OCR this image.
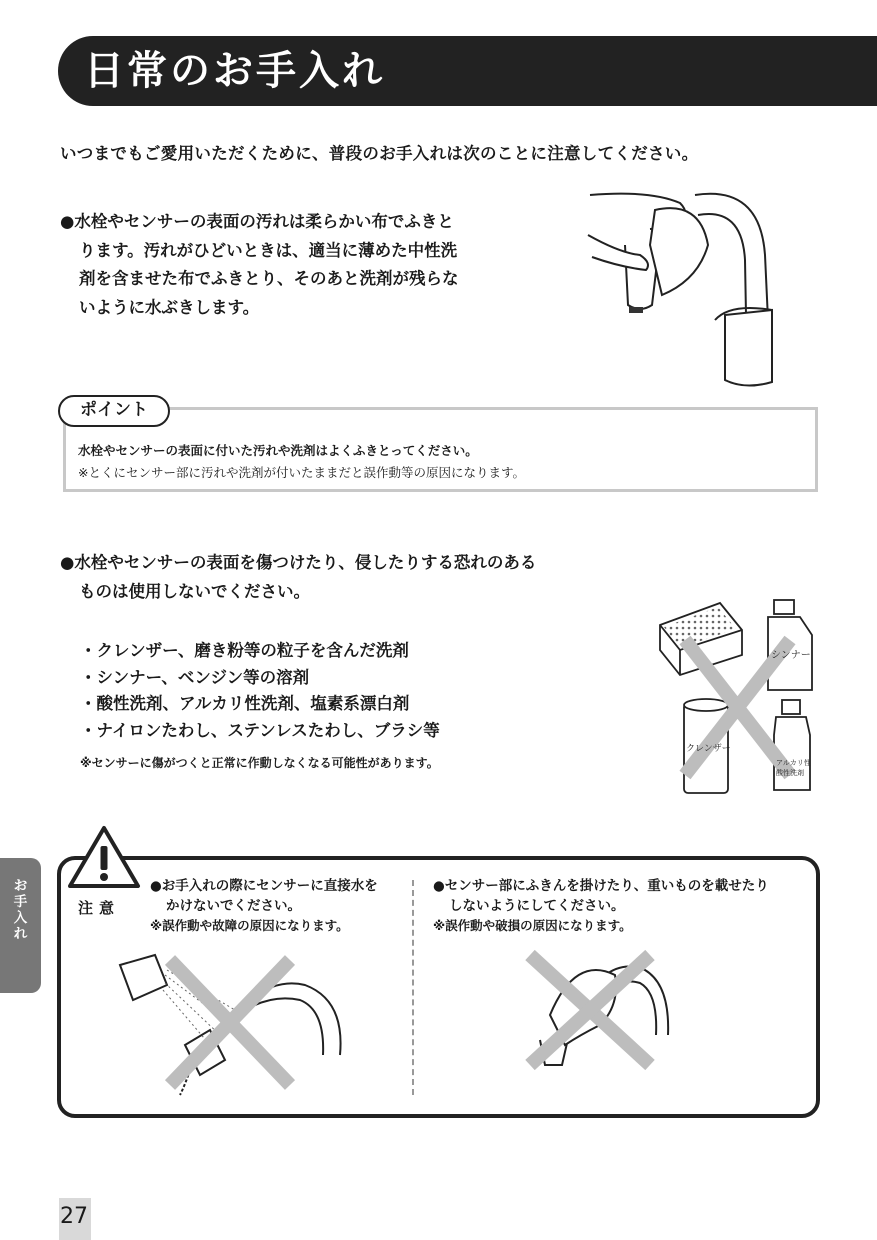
日常のお手入れ
いつまでもご愛用いただくために、普段のお手入れは次のことに注意してください。

●水栓やセンサーの表面の汚れは柔らかい布でふきと

ります。汚れがひどいときは、適当に薄めた中性洗

剤を含ませた布でふきとり、そのあと洗剤が残らな

いように水ぶきします。

ポイント
水栓やセンサーの表面に付いた汚れや洗剤はよくふきとってください。
※とくにセンサー部に汚れや洗剤が付いたままだと誤作動等の原因になります。

●水栓やセンサーの表面を傷つけたり、侵したりする恐れのある

ものは使用しないでください。

・ クレンザー、磨き粉等の粒子を含んだ洗剤
・ シンナー、ベンジン等の溶剤
・ 酸性洗剤、アルカリ性洗剤、塩素系漂白剤
・ ナイロンたわし、ステンレスたわし、ブラシ等
※センサーに傷がつくと正常に作動しなくなる可能性があります。
シンナー
クレンザー
アルカリ性
酸性洗剤
お
手
入
れ
注意
●お手入れの際にセンサーに直接水を
かけないでください。
※誤作動や故障の原因になります。
●センサー部にふきんを掛けたり、重いものを載せたり
しないようにしてください。
※誤作動や破損の原因になります。
27
